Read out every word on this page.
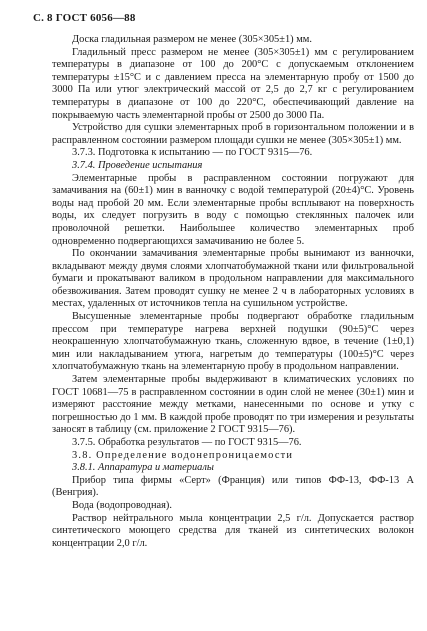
С. 8 ГОСТ 6056—88

Доска гладильная размером не менее (305×305±1) мм.

Гладильный пресс размером не менее (305×305±1) мм с регулированием температуры в диапазоне от 100 до 200°С с допускаемым отклонением температуры ±15°С и с давлением пресса на элементарную пробу от 1500 до 3000 Па или утюг электрический массой от 2,5 до 2,7 кг с регулированием температуры в диапазоне от 100 до 220°С, обеспечивающий давление на покрываемую часть элементарной пробы от 2500 до 3000 Па.

Устройство для сушки элементарных проб в горизонтальном положении и в расправленном состоянии размером площади сушки не менее (305×305±1) мм.

3.7.3. Подготовка к испытанию — по ГОСТ 9315—76.

3.7.4. Проведение испытания

Элементарные пробы в расправленном состоянии погружают для замачивания на (60±1) мин в ванночку с водой температурой (20±4)°С. Уровень воды над пробой 20 мм. Если элементарные пробы всплывают на поверхность воды, их следует погрузить в воду с помощью стеклянных палочек или проволочной решетки. Наибольшее количество элементарных проб одновременно подвергающихся замачиванию не более 5.

По окончании замачивания элементарные пробы вынимают из ванночки, вкладывают между двумя слоями хлопчатобумажной ткани или фильтровальной бумаги и прокатывают валиком в продольном направлении для максимального обезвоживания. Затем проводят сушку не менее 2 ч в лабораторных условиях в местах, удаленных от источников тепла на сушильном устройстве.

Высушенные элементарные пробы подвергают обработке гладильным прессом при температуре нагрева верхней подушки (90±5)°С через неокрашенную хлопчатобумажную ткань, сложенную вдвое, в течение (1±0,1) мин или накладыванием утюга, нагретым до температуры (100±5)°С через хлопчатобумажную ткань на элементарную пробу в продольном направлении.

Затем элементарные пробы выдерживают в климатических условиях по ГОСТ 10681—75 в расправленном состоянии в один слой не менее (30±1) мин и измеряют расстояние между метками, нанесенными по основе и утку с погрешностью до 1 мм. В каждой пробе проводят по три измерения и результаты заносят в таблицу (см. приложение 2 ГОСТ 9315—76).

3.7.5. Обработка результатов — по ГОСТ 9315—76.

3.8. Определение водонепроницаемости

3.8.1. Аппаратура и материалы

Прибор типа фирмы «Серт» (Франция) или типов ФФ-13, ФФ-13 А (Венгрия).

Вода (водопроводная).

Раствор нейтрального мыла концентрации 2,5 г/л. Допускается раствор синтетического моющего средства для тканей из синтетических волокон концентрации 2,0 г/л.
